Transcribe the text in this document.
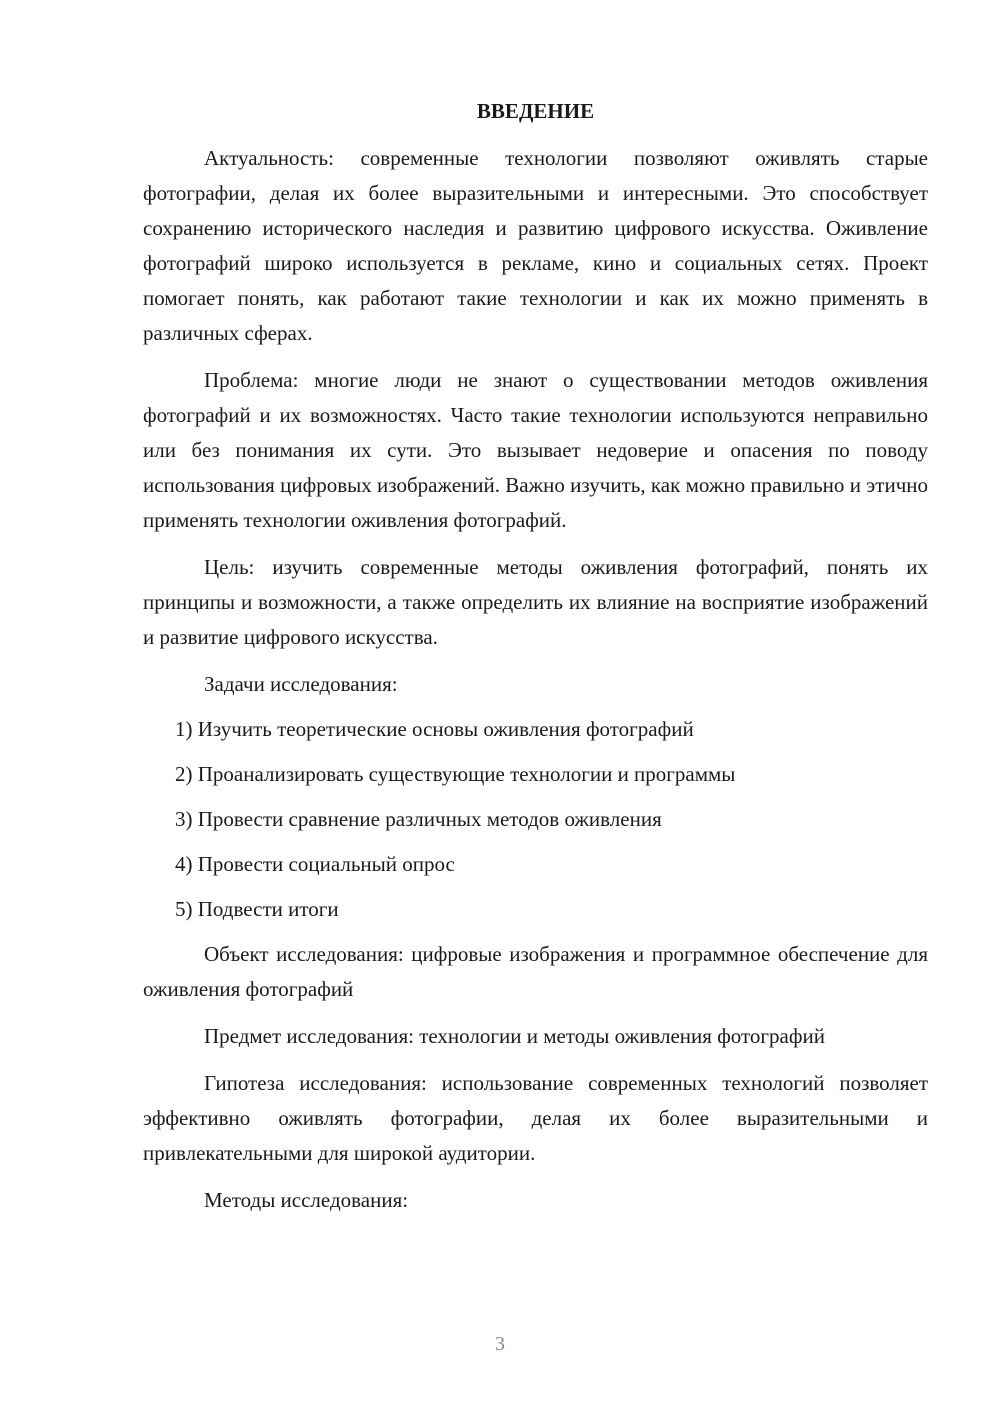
ВВЕДЕНИЕ

Актуальность: современные технологии позволяют оживлять старые фотографии, делая их более выразительными и интересными. Это способствует сохранению исторического наследия и развитию цифрового искусства. Оживление фотографий широко используется в рекламе, кино и социальных сетях. Проект помогает понять, как работают такие технологии и как их можно применять в различных сферах.

Проблема: многие люди не знают о существовании методов оживления фотографий и их возможностях. Часто такие технологии используются неправильно или без понимания их сути. Это вызывает недоверие и опасения по поводу использования цифровых изображений. Важно изучить, как можно правильно и этично применять технологии оживления фотографий.

Цель: изучить современные методы оживления фотографий, понять их принципы и возможности, а также определить их влияние на восприятие изображений и развитие цифрового искусства.

Задачи исследования:

1) Изучить теоретические основы оживления фотографий

2) Проанализировать существующие технологии и программы

3) Провести сравнение различных методов оживления

4) Провести социальный опрос

5) Подвести итоги

Объект исследования: цифровые изображения и программное обеспечение для оживления фотографий

Предмет исследования: технологии и методы оживления фотографий

Гипотеза исследования: использование современных технологий позволяет эффективно оживлять фотографии, делая их более выразительными и привлекательными для широкой аудитории.

Методы исследования:

3
